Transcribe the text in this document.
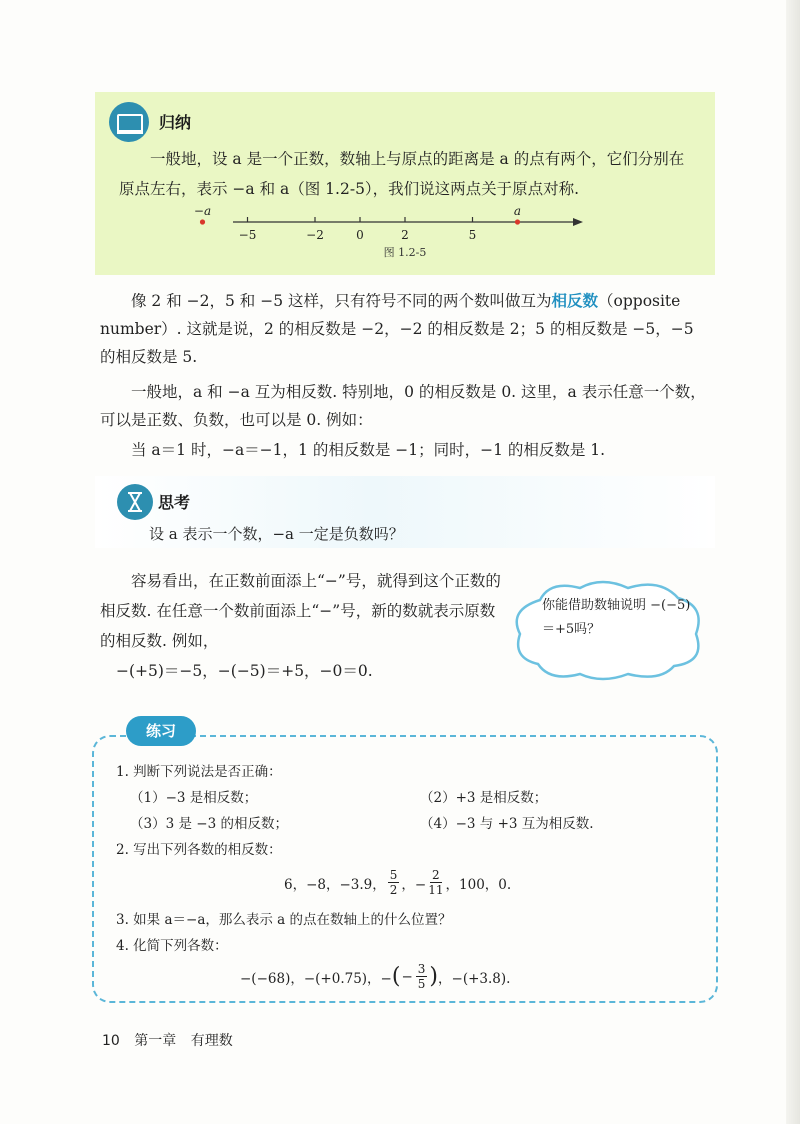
归纳

一般地，设 a 是一个正数，数轴上与原点的距离是 a 的点有两个，它们分别在原点左右，表示 −a 和 a（图 1.2-5），我们说这两点关于原点对称.

−5	−2	0	2	5
−a	a
图 1.2-5

像 2 和 −2，5 和 −5 这样，只有符号不同的两个数叫做互为相反数（opposite number）. 这就是说，2 的相反数是 −2，−2 的相反数是 2；5 的相反数是 −5，−5 的相反数是 5.

一般地，a 和 −a 互为相反数. 特别地，0 的相反数是 0. 这里，a 表示任意一个数，可以是正数、负数，也可以是 0. 例如：

当 a＝1 时，−a＝−1，1 的相反数是 −1；同时，−1 的相反数是 1.

思考
设 a 表示一个数，−a 一定是负数吗？

容易看出，在正数前面添上“−”号，就得到这个正数的相反数. 在任意一个数前面添上“−”号，新的数就表示原数的相反数. 例如，

−(+5)＝−5，−(−5)＝+5，−0＝0.
你能借助数轴说明 −(−5)＝+5吗？
练习
1. 判断下列说法是否正确：
（1）−3 是相反数；	（2）+3 是相反数；
（3）3 是 −3 的相反数；	（4）−3 与 +3 互为相反数.
2. 写出下列各数的相反数：
6，−8，−3.9， $\frac{5}{2}$ ，− $\frac{2}{11}$ ，100，0.
3. 如果 a＝−a，那么表示 a 的点在数轴上的什么位置？
4. 化简下列各数：
−(−68)，−(+0.75)，− ( − $\frac{3}{5}$ ) ，−(+3.8).
10 第一章 有理数
